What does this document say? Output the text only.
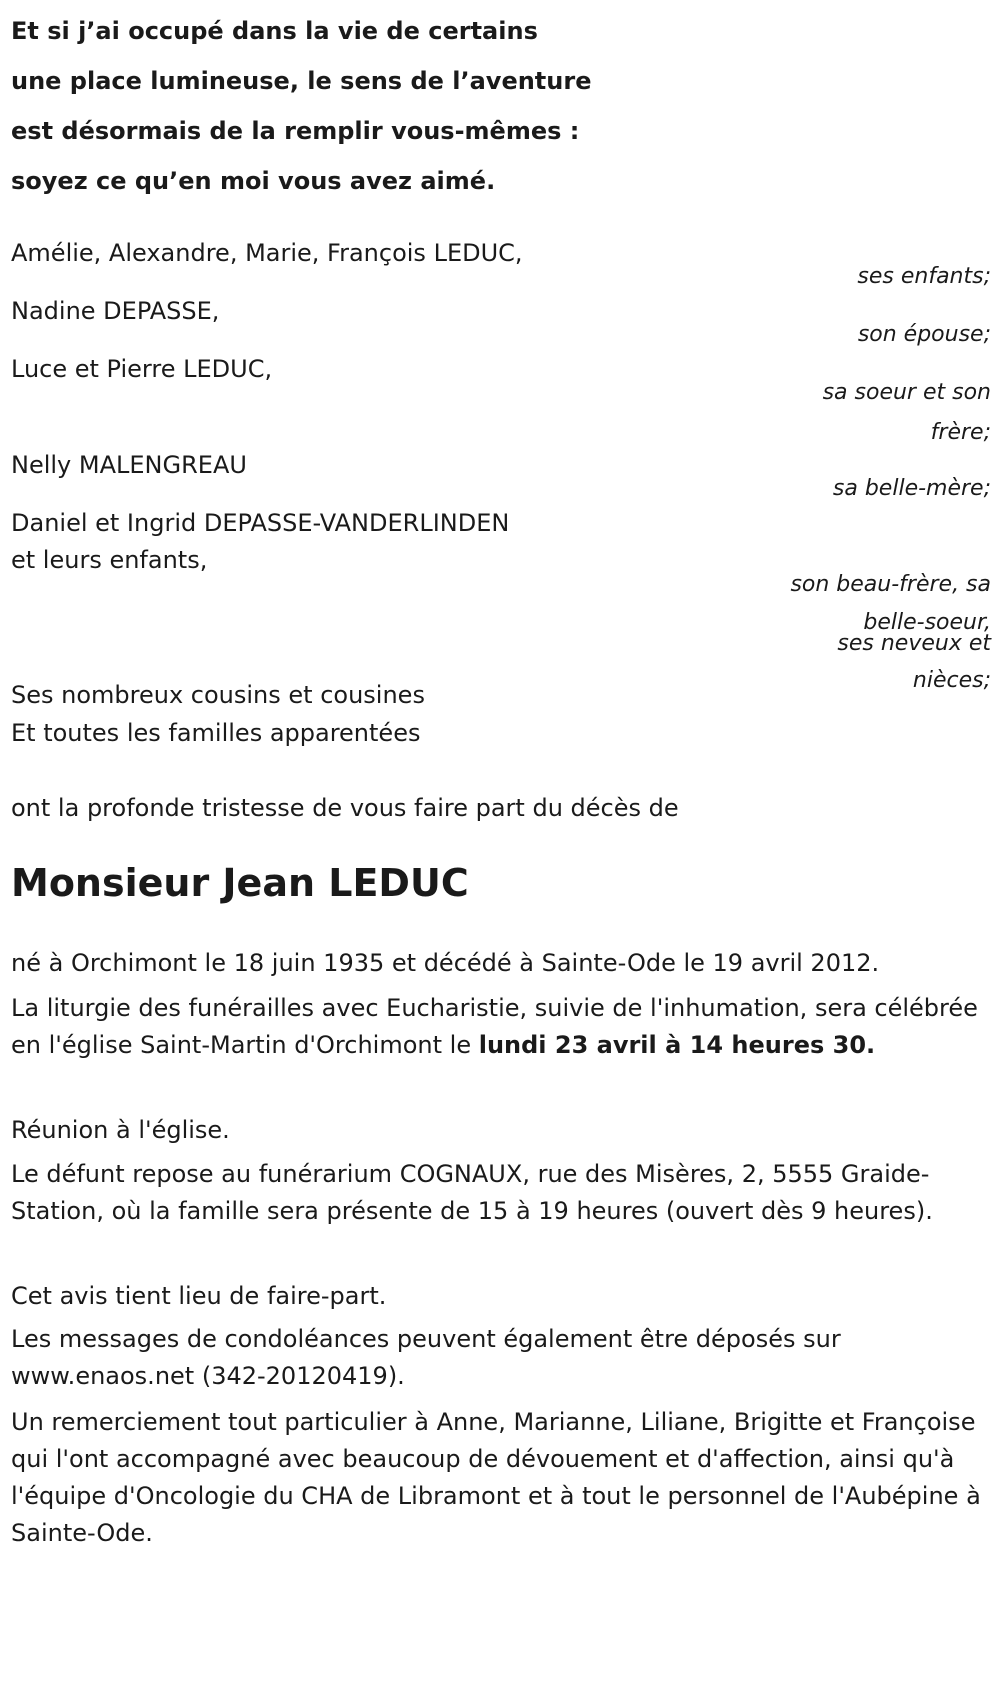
Et si j’ai occupé dans la vie de certains
une place lumineuse, le sens de l’aventure
est désormais de la remplir vous-mêmes :
soyez ce qu’en moi vous avez aimé.
Amélie, Alexandre, Marie, François LEDUC,
ses enfants;
Nadine DEPASSE,
son épouse;
Luce et Pierre LEDUC,
sa soeur et son
frère;
Nelly MALENGREAU
sa belle-mère;
Daniel et Ingrid DEPASSE-VANDERLINDEN
et leurs enfants,
son beau-frère, sa
belle-soeur,
ses neveux et
nièces;
Ses nombreux cousins et cousines
Et toutes les familles apparentées
ont la profonde tristesse de vous faire part du décès de
Monsieur Jean LEDUC
né à Orchimont le 18 juin 1935 et décédé à Sainte-Ode le 19 avril 2012.
La liturgie des funérailles avec Eucharistie, suivie de l'inhumation, sera célébrée en l'église Saint-Martin d'Orchimont le lundi 23 avril à 14 heures 30.
Réunion à l'église.
Le défunt repose au funérarium COGNAUX, rue des Misères, 2, 5555 Graide-Station, où la famille sera présente de 15 à 19 heures (ouvert dès 9 heures).
Cet avis tient lieu de faire-part.
Les messages de condoléances peuvent également être déposés sur www.enaos.net (342-20120419).
Un remerciement tout particulier à Anne, Marianne, Liliane, Brigitte et Françoise qui l'ont accompagné avec beaucoup de dévouement et d'affection, ainsi qu'à l'équipe d'Oncologie du CHA de Libramont et à tout le personnel de l'Aubépine à Sainte-Ode.
